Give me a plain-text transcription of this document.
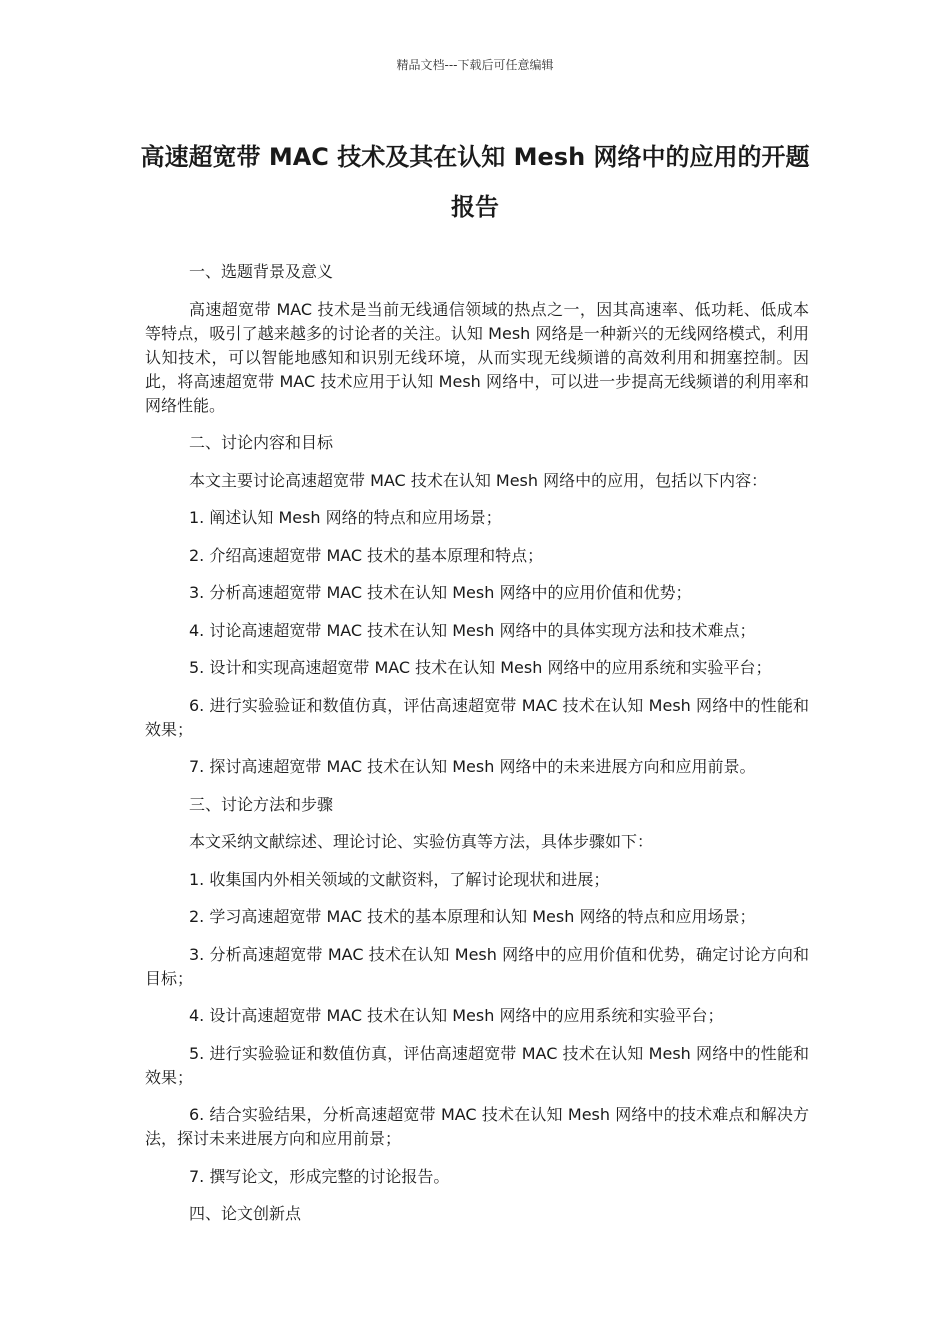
精品文档---下载后可任意编辑
高速超宽带 MAC 技术及其在认知 Mesh 网络中的应用的开题报告

一、选题背景及意义

高速超宽带 MAC 技术是当前无线通信领域的热点之一，因其高速率、低功耗、低成本等特点，吸引了越来越多的讨论者的关注。认知 Mesh 网络是一种新兴的无线网络模式，利用认知技术，可以智能地感知和识别无线环境，从而实现无线频谱的高效利用和拥塞控制。因此，将高速超宽带 MAC 技术应用于认知 Mesh 网络中，可以进一步提高无线频谱的利用率和网络性能。

二、讨论内容和目标

本文主要讨论高速超宽带 MAC 技术在认知 Mesh 网络中的应用，包括以下内容：

1. 阐述认知 Mesh 网络的特点和应用场景；

2. 介绍高速超宽带 MAC 技术的基本原理和特点；

3. 分析高速超宽带 MAC 技术在认知 Mesh 网络中的应用价值和优势；

4. 讨论高速超宽带 MAC 技术在认知 Mesh 网络中的具体实现方法和技术难点；

5. 设计和实现高速超宽带 MAC 技术在认知 Mesh 网络中的应用系统和实验平台；

6. 进行实验验证和数值仿真，评估高速超宽带 MAC 技术在认知 Mesh 网络中的性能和效果；

7. 探讨高速超宽带 MAC 技术在认知 Mesh 网络中的未来进展方向和应用前景。

三、讨论方法和步骤

本文采纳文献综述、理论讨论、实验仿真等方法，具体步骤如下：

1. 收集国内外相关领域的文献资料，了解讨论现状和进展；

2. 学习高速超宽带 MAC 技术的基本原理和认知 Mesh 网络的特点和应用场景；

3. 分析高速超宽带 MAC 技术在认知 Mesh 网络中的应用价值和优势，确定讨论方向和目标；

4. 设计高速超宽带 MAC 技术在认知 Mesh 网络中的应用系统和实验平台；

5. 进行实验验证和数值仿真，评估高速超宽带 MAC 技术在认知 Mesh 网络中的性能和效果；

6. 结合实验结果，分析高速超宽带 MAC 技术在认知 Mesh 网络中的技术难点和解决方法，探讨未来进展方向和应用前景；

7. 撰写论文，形成完整的讨论报告。

四、论文创新点
